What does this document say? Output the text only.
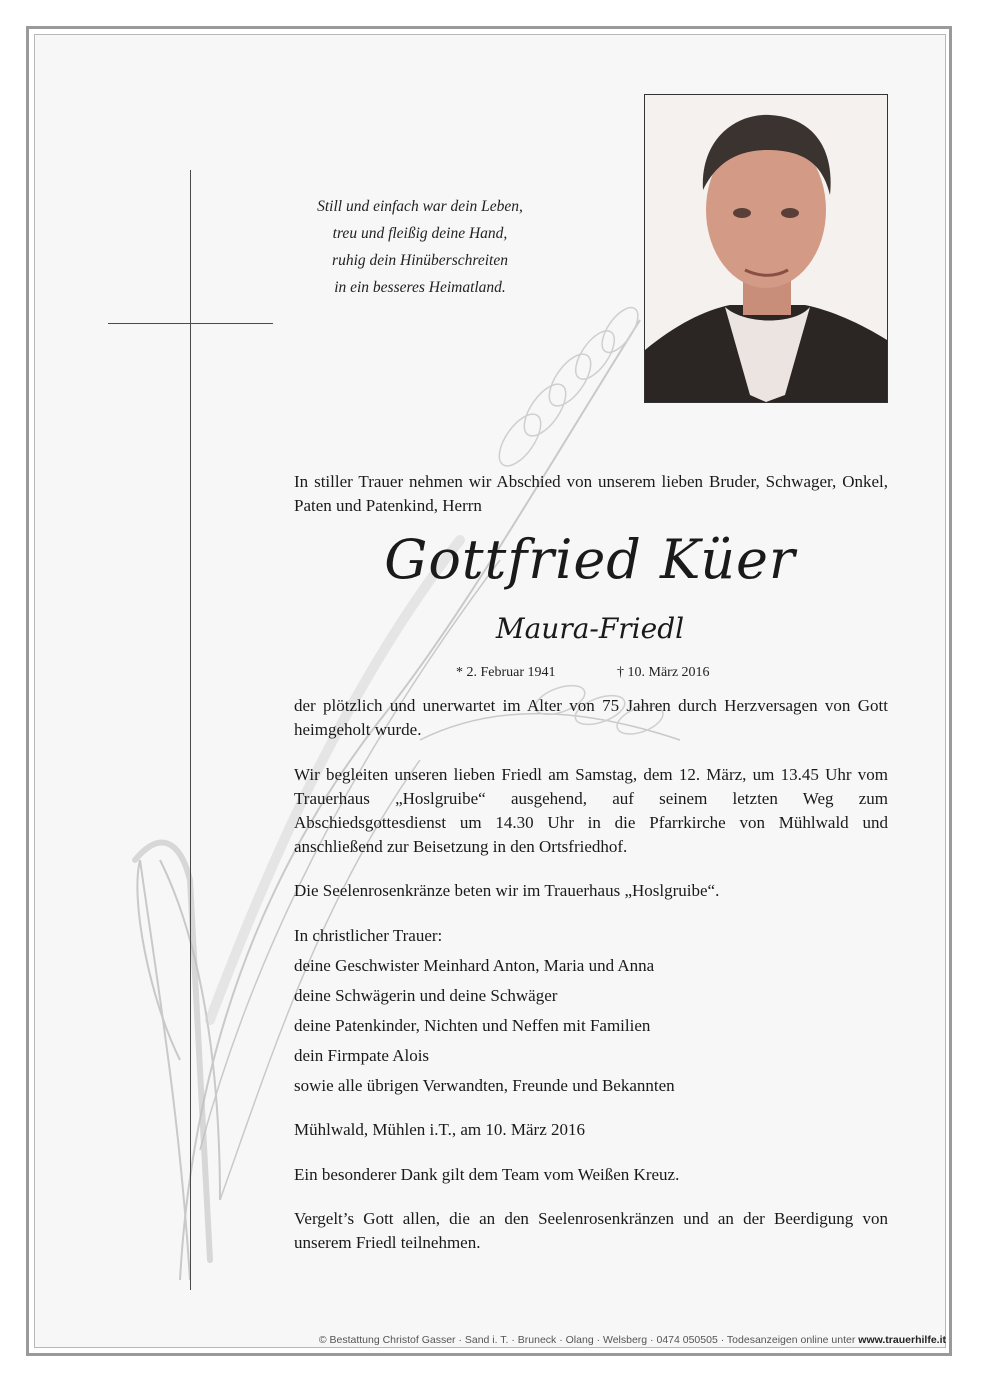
Still und einfach war dein Leben,
treu und fleißig deine Hand,
ruhig dein Hinüberschreiten
in ein besseres Heimatland.
In stiller Trauer nehmen wir Abschied von unserem lieben Bruder, Schwager, Onkel, Paten und Patenkind, Herrn
Gottfried Küer
Maura-Friedl
* 2. Februar 1941	† 10. März 2016
der plötzlich und unerwartet im Alter von 75 Jahren durch Herzversagen von Gott heimgeholt wurde.
Wir begleiten unseren lieben Friedl am Samstag, dem 12. März, um 13.45 Uhr vom Trauerhaus „Hoslgruibe“ ausgehend, auf seinem letzten Weg zum Abschiedsgottesdienst um 14.30 Uhr in die Pfarrkirche von Mühlwald und anschließend zur Beisetzung in den Ortsfriedhof.
Die Seelenrosenkränze beten wir im Trauerhaus „Hoslgruibe“.
In christlicher Trauer:
deine Geschwister Meinhard Anton, Maria und Anna
deine Schwägerin und deine Schwäger
deine Patenkinder, Nichten und Neffen mit Familien
dein Firmpate Alois
sowie alle übrigen Verwandten, Freunde und Bekannten
Mühlwald, Mühlen i.T., am 10. März 2016
Ein besonderer Dank gilt dem Team vom Weißen Kreuz.
Vergelt’s Gott allen, die an den Seelenrosenkränzen und an der Beerdigung von unserem Friedl teilnehmen.
© Bestattung Christof Gasser · Sand i. T. · Bruneck · Olang · Welsberg · 0474 050505 · Todesanzeigen online unter www.trauerhilfe.it
